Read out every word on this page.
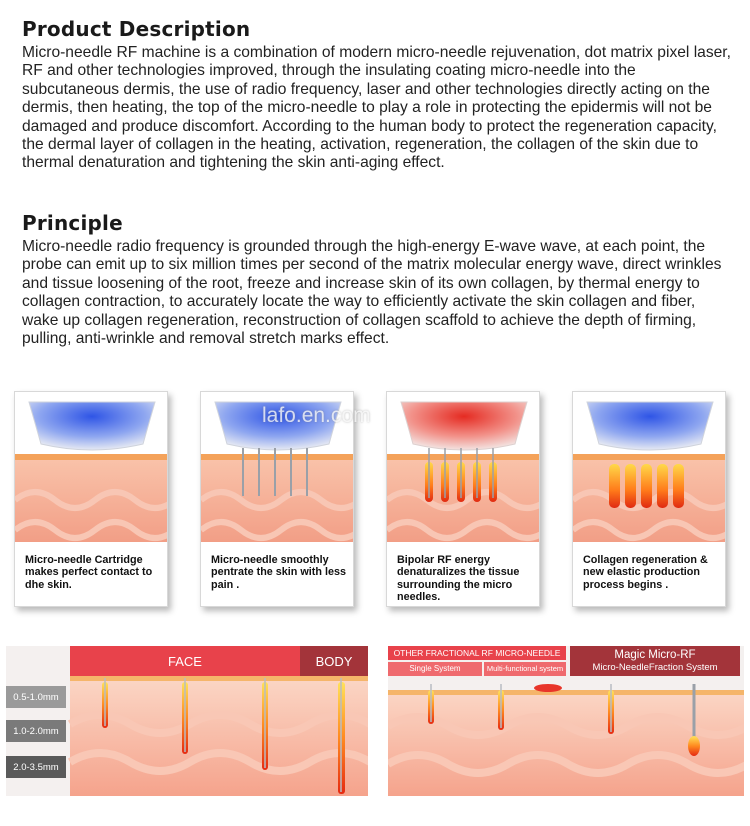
Product Description
Micro-needle RF machine is a combination of modern micro-needle rejuvenation, dot matrix pixel laser, RF and other technologies improved, through the insulating coating micro-needle into the subcutaneous dermis, the use of radio frequency, laser and other technologies directly acting on the dermis, then heating, the top of the micro-needle to play a role in protecting the epidermis will not be damaged and produce discomfort. According to the human body to protect the regeneration capacity, the dermal layer of collagen in the heating, activation, regeneration, the collagen of the skin due to thermal denaturation and tightening the skin anti-aging effect.
Principle
Micro-needle radio frequency is grounded through the high-energy E-wave wave, at each point, the probe can emit up to six million times per second of the matrix molecular energy wave, direct wrinkles and tissue loosening of the root, freeze and increase skin of its own collagen, by thermal energy to collagen contraction, to accurately locate the way to efficiently activate the skin collagen and fiber, wake up collagen regeneration, reconstruction of collagen scaffold to achieve the depth of firming, pulling, anti-wrinkle and removal stretch marks effect.
Micro-needle Cartridge makes perfect contact to dhe skin.
Micro-needle smoothly pentrate the skin with less pain .
Bipolar RF energy denaturalizes the tissue surrounding the micro needles.
Collagen regeneration & new elastic production process begins .
lafo.en.com
FACE	BODY
0.5-1.0mm
1.0-2.0mm
2.0-3.5mm
OTHER FRACTIONAL RF MICRO-NEEDLE
Single System	Multi-functional system
Magic Micro-RF
Micro-NeedleFraction System
